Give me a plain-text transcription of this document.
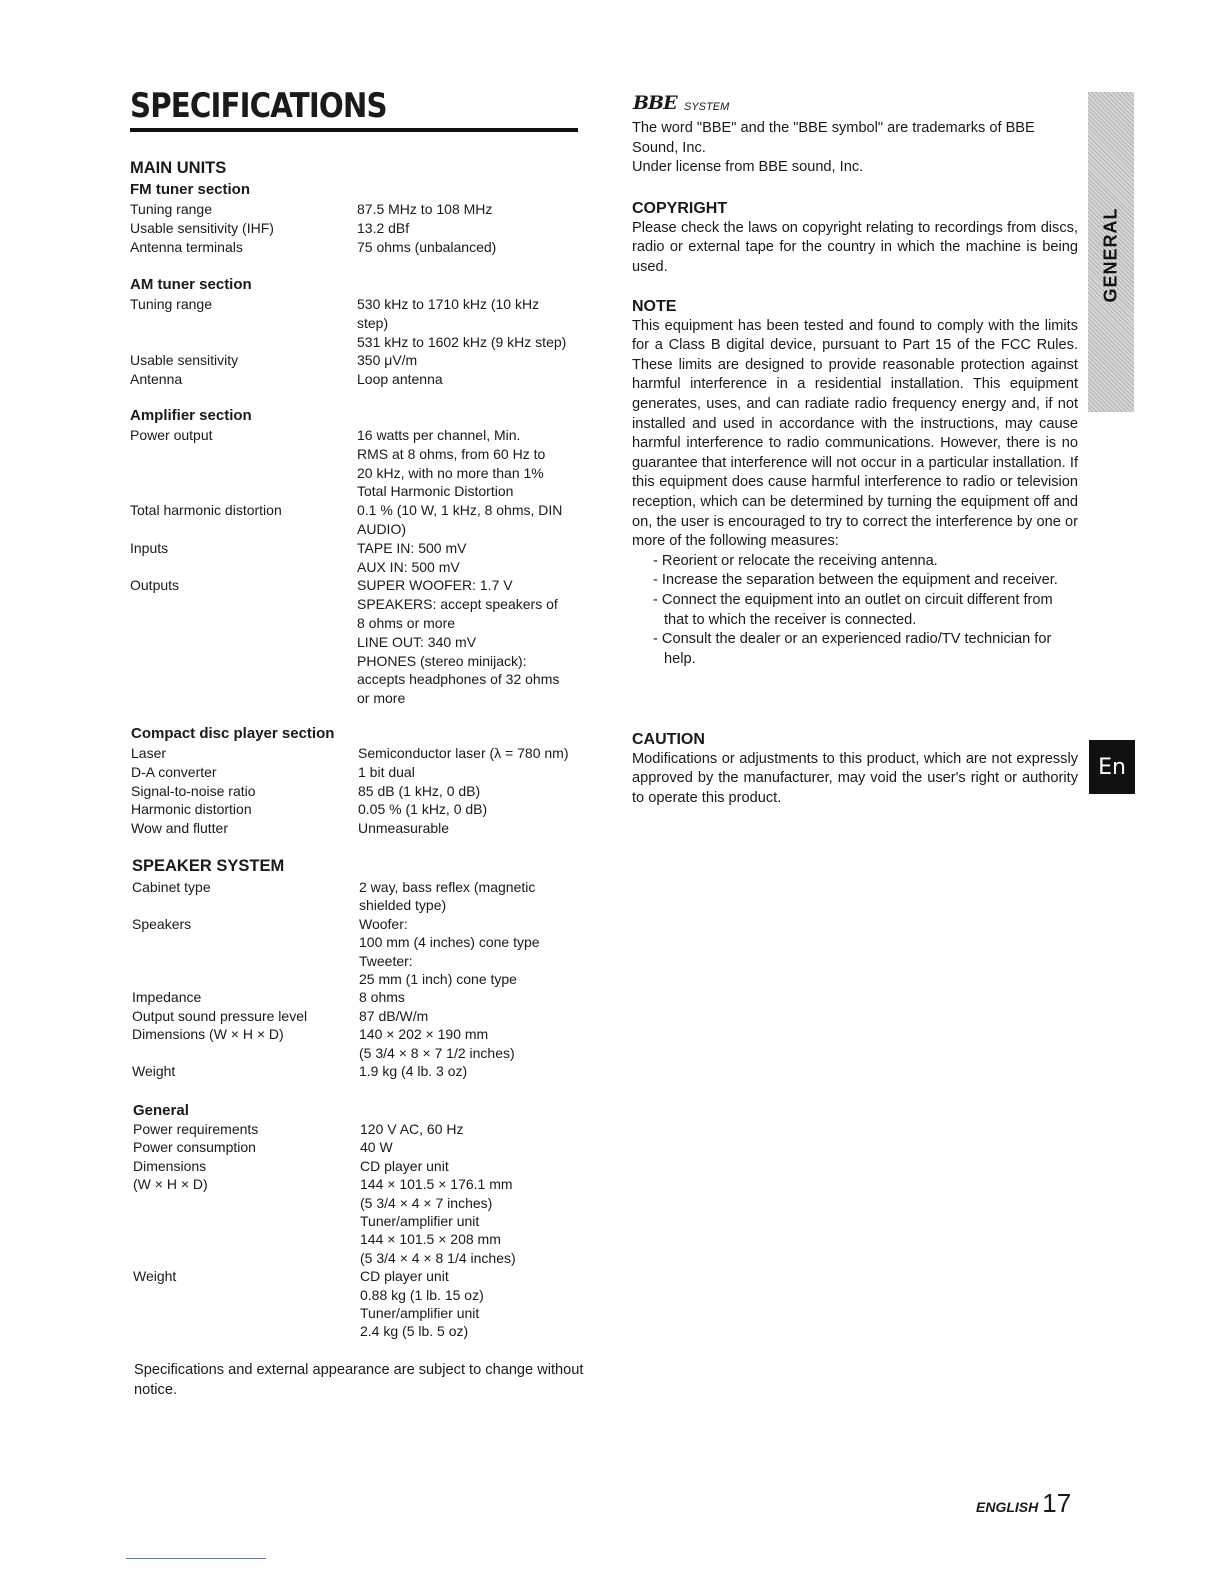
SPECIFICATIONS
MAIN UNITS
FM tuner section
Tuning range	87.5 MHz to 108 MHz
Usable sensitivity (IHF)	13.2 dBf
Antenna terminals	75 ohms (unbalanced)
AM tuner section
Tuning range	530 kHz to 1710 kHz (10 kHz
step)
531 kHz to 1602 kHz (9 kHz step)
Usable sensitivity	350 μV/m
Antenna	Loop antenna
Amplifier section
Power output	16 watts per channel, Min.
RMS at 8 ohms, from 60 Hz to
20 kHz, with no more than 1%
Total Harmonic Distortion
Total harmonic distortion	0.1 % (10 W, 1 kHz, 8 ohms, DIN
AUDIO)
Inputs	TAPE IN: 500 mV
AUX IN: 500 mV
Outputs	SUPER WOOFER: 1.7 V
SPEAKERS: accept speakers of
8 ohms or more
LINE OUT: 340 mV
PHONES (stereo minijack):
accepts headphones of 32 ohms
or more
Compact disc player section
Laser	Semiconductor laser (λ = 780 nm)
D-A converter	1 bit dual
Signal-to-noise ratio	85 dB (1 kHz, 0 dB)
Harmonic distortion	0.05 % (1 kHz, 0 dB)
Wow and flutter	Unmeasurable
SPEAKER SYSTEM
Cabinet type	2 way, bass reflex (magnetic
shielded type)
Speakers	Woofer:
100 mm (4 inches) cone type
Tweeter:
25 mm (1 inch) cone type
Impedance	8 ohms
Output sound pressure level	87 dB/W/m
Dimensions (W × H × D)	140 × 202 × 190 mm
(5 3/4 × 8 × 7 1/2 inches)
Weight	1.9 kg (4 lb. 3 oz)
General
Power requirements	120 V AC, 60 Hz
Power consumption	40 W
Dimensions	CD player unit
(W × H × D)	144 × 101.5 × 176.1 mm
(5 3/4 × 4 × 7 inches)
Tuner/amplifier unit
144 × 101.5 × 208 mm
(5 3/4 × 4 × 8 1/4 inches)
Weight	CD player unit
0.88 kg (1 lb. 15 oz)
Tuner/amplifier unit
2.4 kg (5 lb. 5 oz)
Specifications and external appearance are subject to change without notice.
BBE SYSTEM

The word "BBE" and the "BBE symbol" are trademarks of BBE Sound, Inc.

Under license from BBE sound, Inc.

COPYRIGHT

Please check the laws on copyright relating to recordings from discs, radio or external tape for the country in which the machine is being used.

NOTE

This equipment has been tested and found to comply with the limits for a Class B digital device, pursuant to Part 15 of the FCC Rules. These limits are designed to provide reasonable protection against harmful interference in a residential installation. This equipment generates, uses, and can radiate radio frequency energy and, if not installed and used in accordance with the instructions, may cause harmful interference to radio communications. However, there is no guarantee that interference will not occur in a particular installation. If this equipment does cause harmful interference to radio or television reception, which can be determined by turning the equipment off and on, the user is encouraged to try to correct the interference by one or more of the following measures:

- Reorient or relocate the receiving antenna.
- Increase the separation between the equipment and receiver.
- Connect the equipment into an outlet on circuit different from that to which the receiver is connected.
- Consult the dealer or an experienced radio/TV technician for help.
CAUTION

Modifications or adjustments to this product, which are not expressly approved by the manufacturer, may void the user's right or authority to operate this product.

GENERAL
En
ENGLISH 17
